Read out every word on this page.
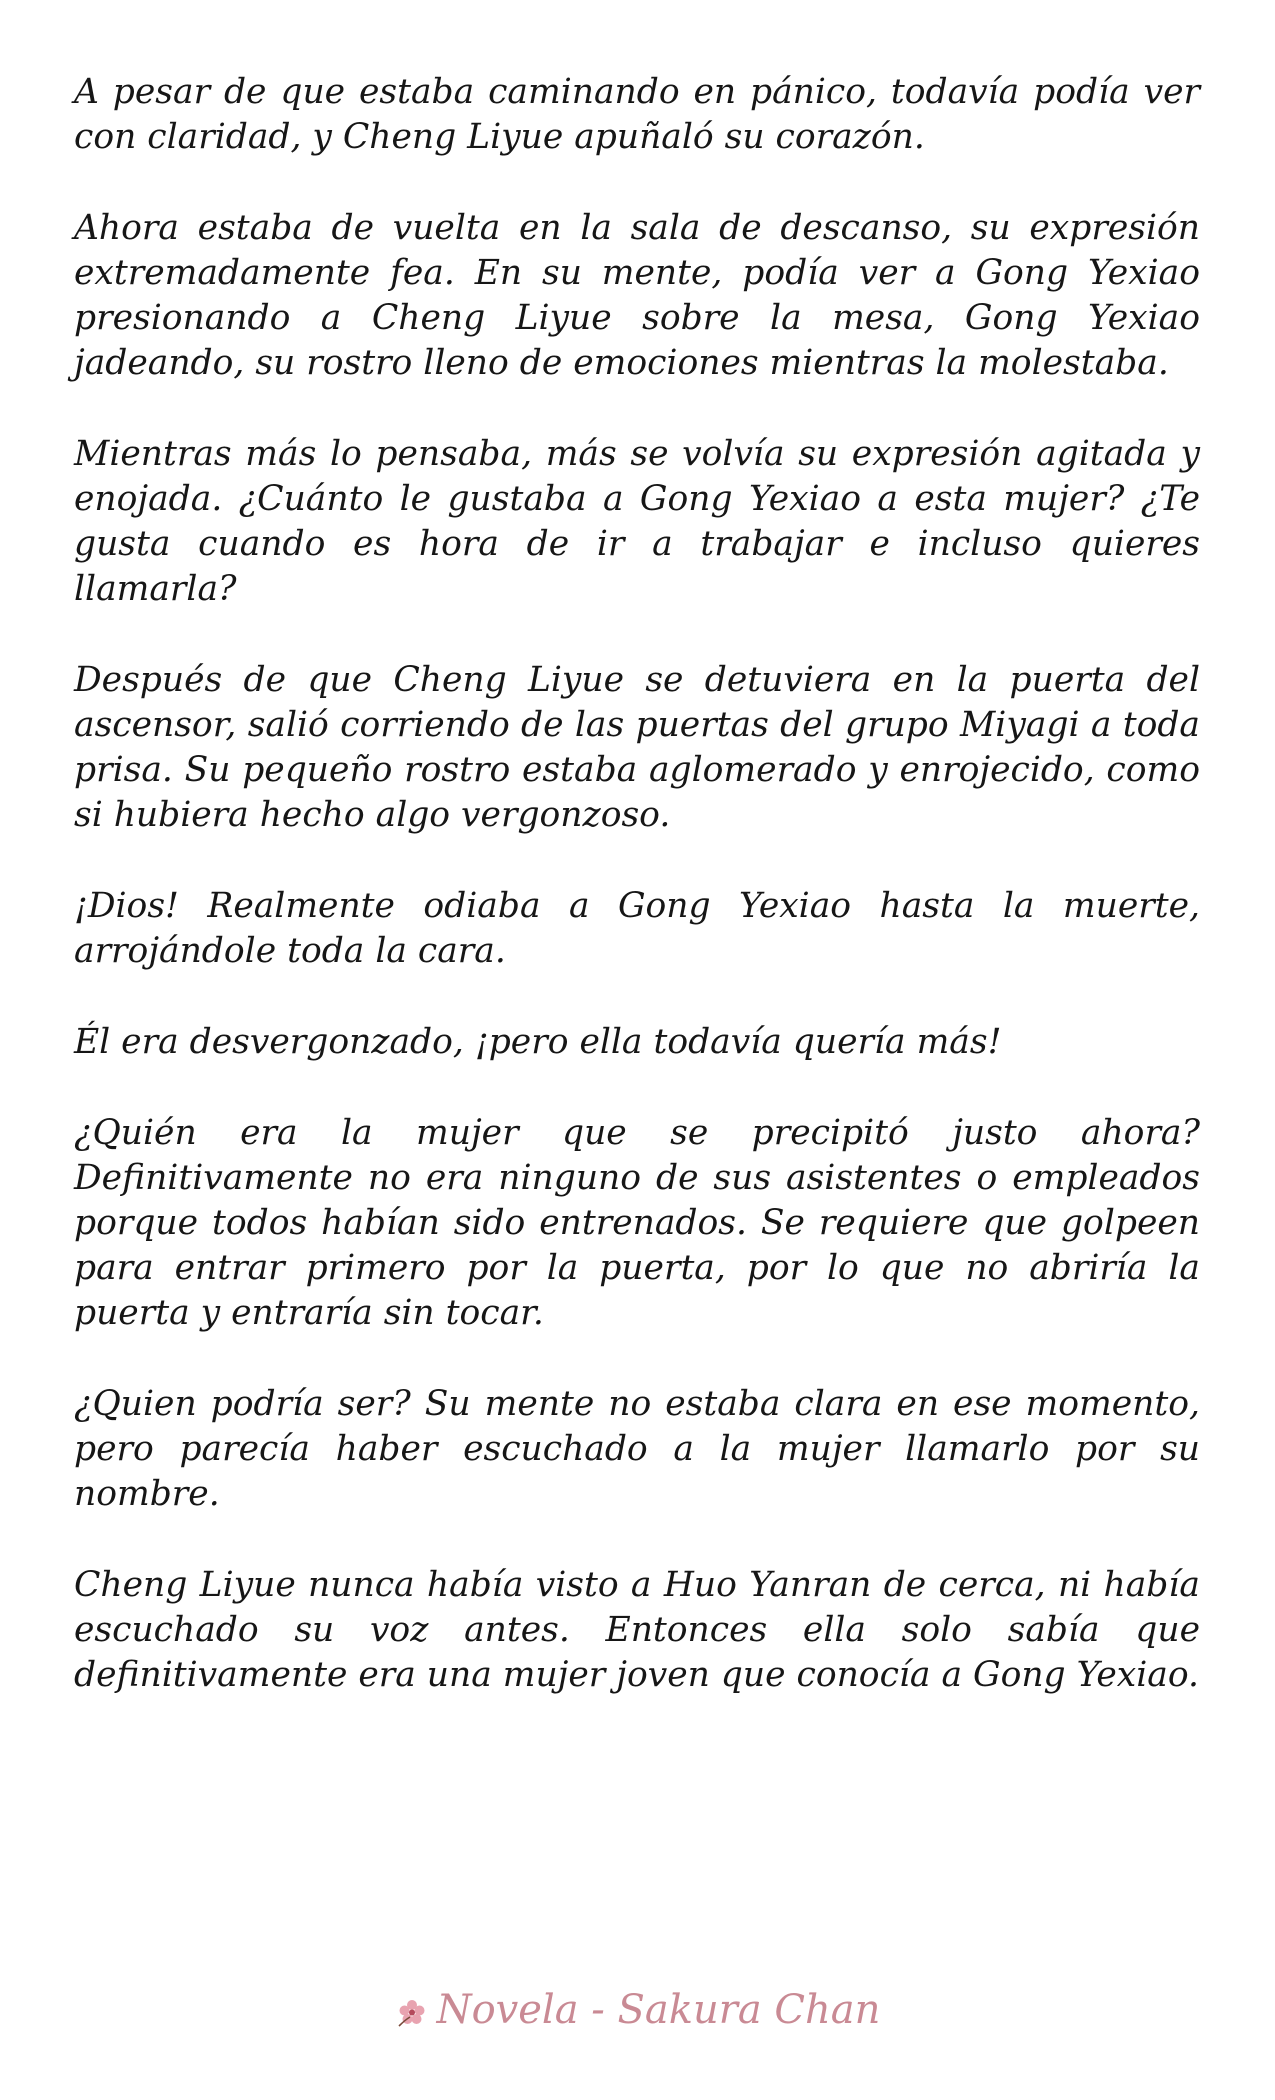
A pesar de que estaba caminando en pánico, todavía podía ver con claridad, y Cheng Liyue apuñaló su corazón.

Ahora estaba de vuelta en la sala de descanso, su expresión extremadamente fea. En su mente, podía ver a Gong Yexiao presionando a Cheng Liyue sobre la mesa, Gong Yexiao jadeando, su rostro lleno de emociones mientras la molestaba.

Mientras más lo pensaba, más se volvía su expresión agitada y enojada. ¿Cuánto le gustaba a Gong Yexiao a esta mujer? ¿Te gusta cuando es hora de ir a trabajar e incluso quieres llamarla?

Después de que Cheng Liyue se detuviera en la puerta del ascensor, salió corriendo de las puertas del grupo Miyagi a toda prisa. Su pequeño rostro estaba aglomerado y enrojecido, como si hubiera hecho algo vergonzoso.

¡Dios! Realmente odiaba a Gong Yexiao hasta la muerte, arrojándole toda la cara.

Él era desvergonzado, ¡pero ella todavía quería más!

¿Quién era la mujer que se precipitó justo ahora? Definitivamente no era ninguno de sus asistentes o empleados porque todos habían sido entrenados. Se requiere que golpeen para entrar primero por la puerta, por lo que no abriría la puerta y entraría sin tocar.

¿Quien podría ser? Su mente no estaba clara en ese momento, pero parecía haber escuchado a la mujer llamarlo por su nombre.

Cheng Liyue nunca había visto a Huo Yanran de cerca, ni había escuchado su voz antes. Entonces ella solo sabía que definitivamente era una mujer joven que conocía a Gong Yexiao.

Novela - Sakura Chan
